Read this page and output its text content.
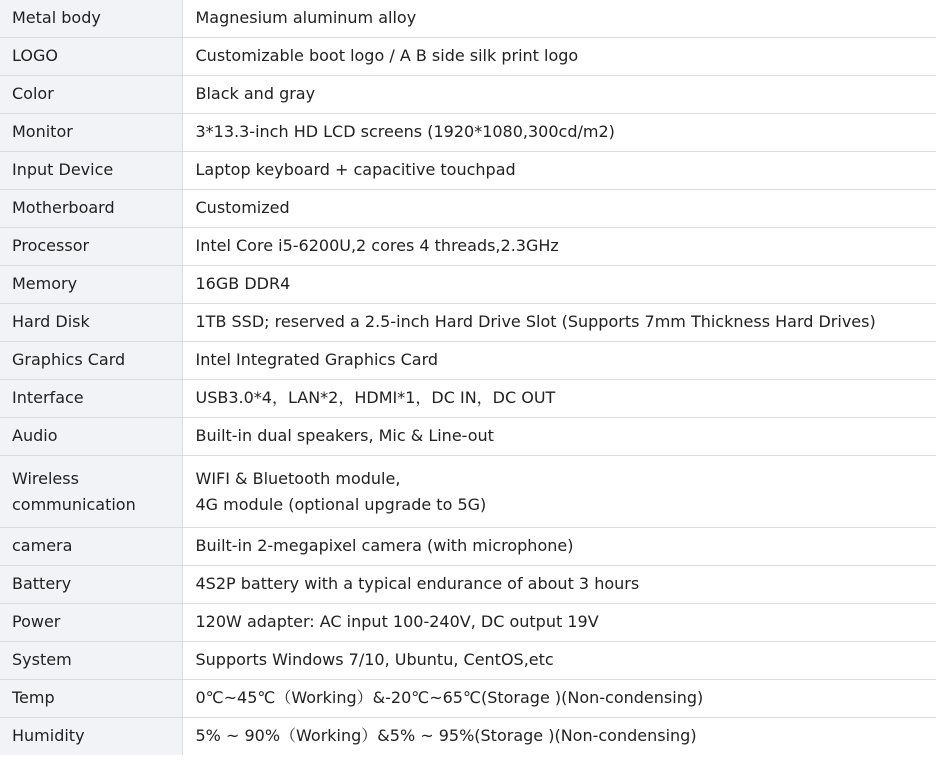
Metal body	Magnesium aluminum alloy
LOGO	Customizable boot logo / A B side silk print logo
Color	Black and gray
Monitor	3*13.3-inch HD LCD screens (1920*1080,300cd/m2)
Input Device	Laptop keyboard + capacitive touchpad
Motherboard	Customized
Processor	Intel Core i5-6200U,2 cores 4 threads,2.3GHz
Memory	16GB DDR4
Hard Disk	1TB SSD; reserved a 2.5-inch Hard Drive Slot (Supports 7mm Thickness Hard Drives)
Graphics Card	Intel Integrated Graphics Card
Interface	USB3.0*4，LAN*2，HDMI*1，DC IN，DC OUT
Audio	Built-in dual speakers, Mic & Line-out
Wireless communication	WIFI & Bluetooth module,
4G module (optional upgrade to 5G)

camera	Built-in 2-megapixel camera (with microphone)
Battery	4S2P battery with a typical endurance of about 3 hours
Power	120W adapter: AC input 100-240V, DC output 19V
System	Supports Windows 7/10, Ubuntu, CentOS,etc
Temp	0℃~45℃（Working）&-20℃~65℃(Storage )(Non-condensing)
Humidity	5% ~ 90%（Working）&5% ~ 95%(Storage )(Non-condensing)
